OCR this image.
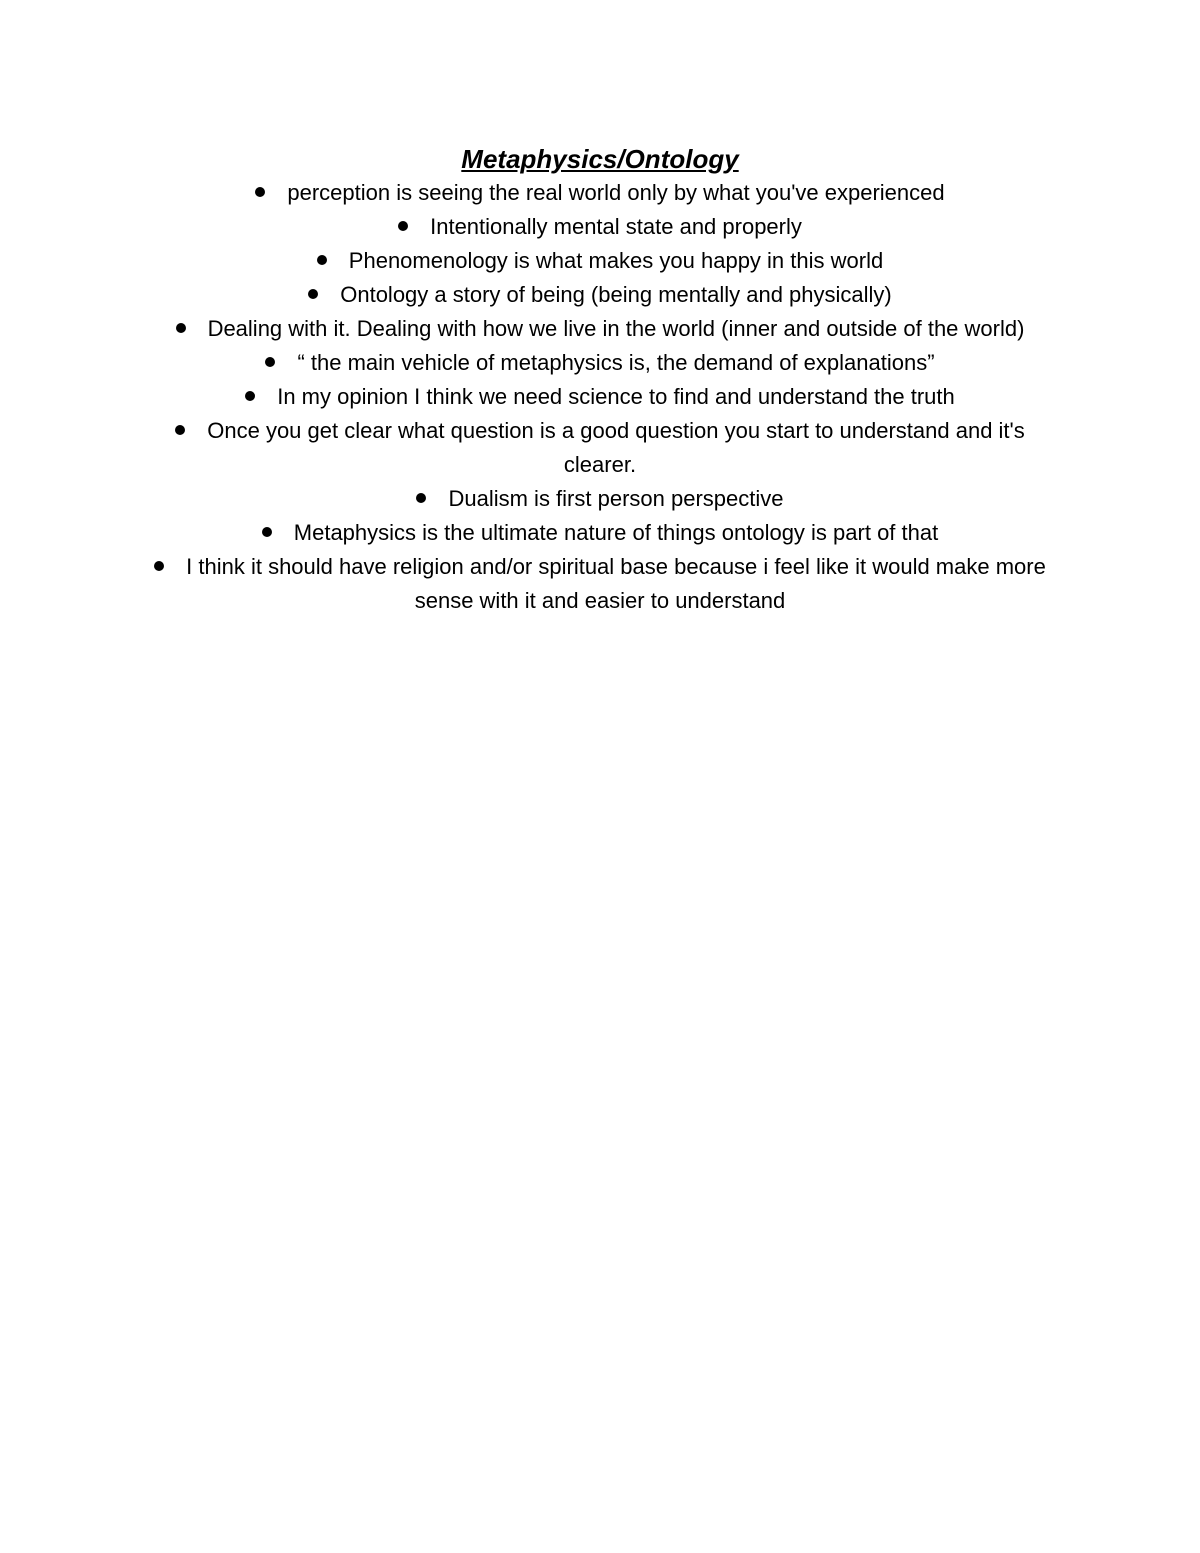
Metaphysics/Ontology
perception is seeing the real world only by what you've experienced
Intentionally mental state and properly
Phenomenology is what makes you happy in this world
Ontology a story of being (being mentally and physically)
Dealing with it. Dealing with how we live in the world (inner and outside of the world)
“ the main vehicle of metaphysics is, the demand of explanations”
In my opinion I think we need science to find and understand the truth
Once you get clear what question is a good question you start to understand and it's clearer.
Dualism is first person perspective
Metaphysics is the ultimate nature of things ontology is part of that
I think it should have religion and/or spiritual base because i feel like it would make more sense with it and easier to understand
